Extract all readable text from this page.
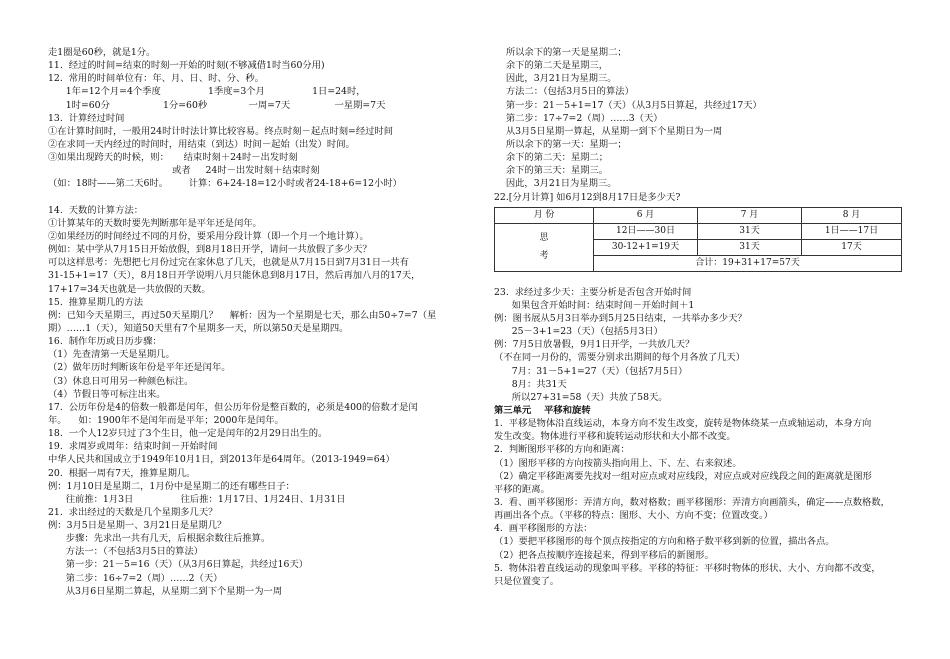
走1圈是60秒，就是1分。
11.  经过的时间=结束的时刻一开始的时刻(不够减借1时当60分用)
12.  常用的时间单位有：年、月、日、时、分、秒。
1年=12个月=4个季度                1季度=3个月                1日=24时，
1时=60分                  1分=60秒              一周=7天               一星期=7天
13.  计算经过时间
①在计算时间时，一般用24时计时法计算比较容易。终点时刻－起点时刻=经过时间
②在求同一天内经过的时间时，用结束（到达）时间－起始（出发）时间。
③如果出现跨天的时候，则：     结束时刻＋24时－出发时刻
或者     24时－出发时刻＋结束时刻
（如：18时——第二天6时。       计算：6+24-18=12小时或者24-18+6=12小时）
14.  天数的计算方法：
①计算某年的天数时要先判断那年是平年还是闰年。
②如果经历的时间经过不同的月份，要采用分段计算（即一个月一个地计算）。
例如：某中学从7月15日开始放假，到8月18日开学，请问一共放假了多少天？
可以这样思考：先想把七月份过完在家休息了几天，也就是从7月15日到7月31日一共有
31-15+1=17（天），8月18日开学说明八月只能休息到8月17日，然后再加八月的17天，
17+17=34天也就是一共放假的天数。
15.  推算星期几的方法
例：已知今天星期三，再过50天星期几？    解析：因为一个星期是七天，那么由50÷7=7（星
期）……1（天），知道50天里有7个星期多一天，所以第50天是星期四。
16.  制作年历或日历步骤：
（1）先查清第一天是星期几。
（2）做年历时判断该年份是平年还是闰年。
（3）休息日可用另一种颜色标注。
（4）节假日等可标注出来。
17.  公历年份是4的倍数一般都是闰年，但公历年份是整百数的，必须是400的倍数才是闰
年。    如：1900年不是闰年而是平年；2000年是闰年。
18.  一个人12岁只过了3个生日，他一定是闰年的2月29日出生的。
19.  求周岁或周年：结束时间－开始时间
中华人民共和国成立于1949年10月1日，到2013年是64周年。（2013-1949=64）
20.  根据一周有7天，推算星期几。
例：1月10日是星期二，1月份中是星期二的还有哪些日子：
往前推：1月3日                往后推：1月17日、1月24日、1月31日
21.  求出经过的天数是几个星期多几天？
例：3月5日是星期一、3月21日是星期几？
步骤：先求出一共有几天，后根据余数往后推算。
方法一：（不包括3月5日的算法）
第一步：21－5=16（天）（从3月6日算起，共经过16天）
第二步：16÷7=2（周）……2（天）
从3月6日星期二算起，从星期二到下个星期一为一周
所以余下的第一天是星期二；
余下的第二天是星期三，
因此，3月21日为星期三。
方法二：（包括3月5日的算法）
第一步：21－5+1=17（天）（从3月5日算起，共经过17天）
第二步：17÷7=2（周）……3（天）
从3月5日星期一算起，从星期一到下个星期日为一周
所以余下的第一天：星期一；
余下的第二天：星期二；
余下的第三天：星期三。
因此，3月21日为星期三。
22.[分月计算] 如6月12到8月17日是多少天?
月 份	6 月	7 月	8 月
思
考	12日——30日	31天	1日——17日
	30-12+1=19天	31天	17天
	合计：19+31+17=57天		
23.  求经过多少天：主要分析是否包含开始时间
如果包含开始时间：结束时间－开始时间＋1
例：图书展从5月3日举办到5月25日结束，一共举办多少天？
25－3+1=23（天）（包括5月3日）
例：7月5日放暑假，9月1日开学，一共放几天？
（不在同一月份的，需要分别求出期间的每个月各放了几天）
7月：31－5+1=27（天）（包括7月5日）
8月：共31天
所以27+31=58（天）共放了58天。
第三单元    平移和旋转
1.  平移是物体沿直线运动，本身方向不发生改变，旋转是物体绕某一点或轴运动，本身方向
发生改变。物体进行平移和旋转运动形状和大小都不改变。
2.  判断图形平移的方向和距离：
（1）图形平移的方向按箭头指向用上、下、左、右来叙述。
（2）确定平移距离要先找对一组对应点或对应线段，对应点或对应线段之间的距离就是图形
平移的距离。
3.  看、画平移图形：弄清方向，数对格数；画平移图形：弄清方向画箭头，确定——点数格数，
再画出各个点。（平移的特点：图形、大小、方向不变；位置改变。）
4.  画平移图形的方法：
（1）要把平移图形的每个顶点按指定的方向和格子数平移到新的位置，描出各点。
（2）把各点按顺序连接起来，得到平移后的新图形。
5.  物体沿着直线运动的现象叫平移。平移的特征：平移时物体的形状、大小、方向都不改变，
只是位置变了。
